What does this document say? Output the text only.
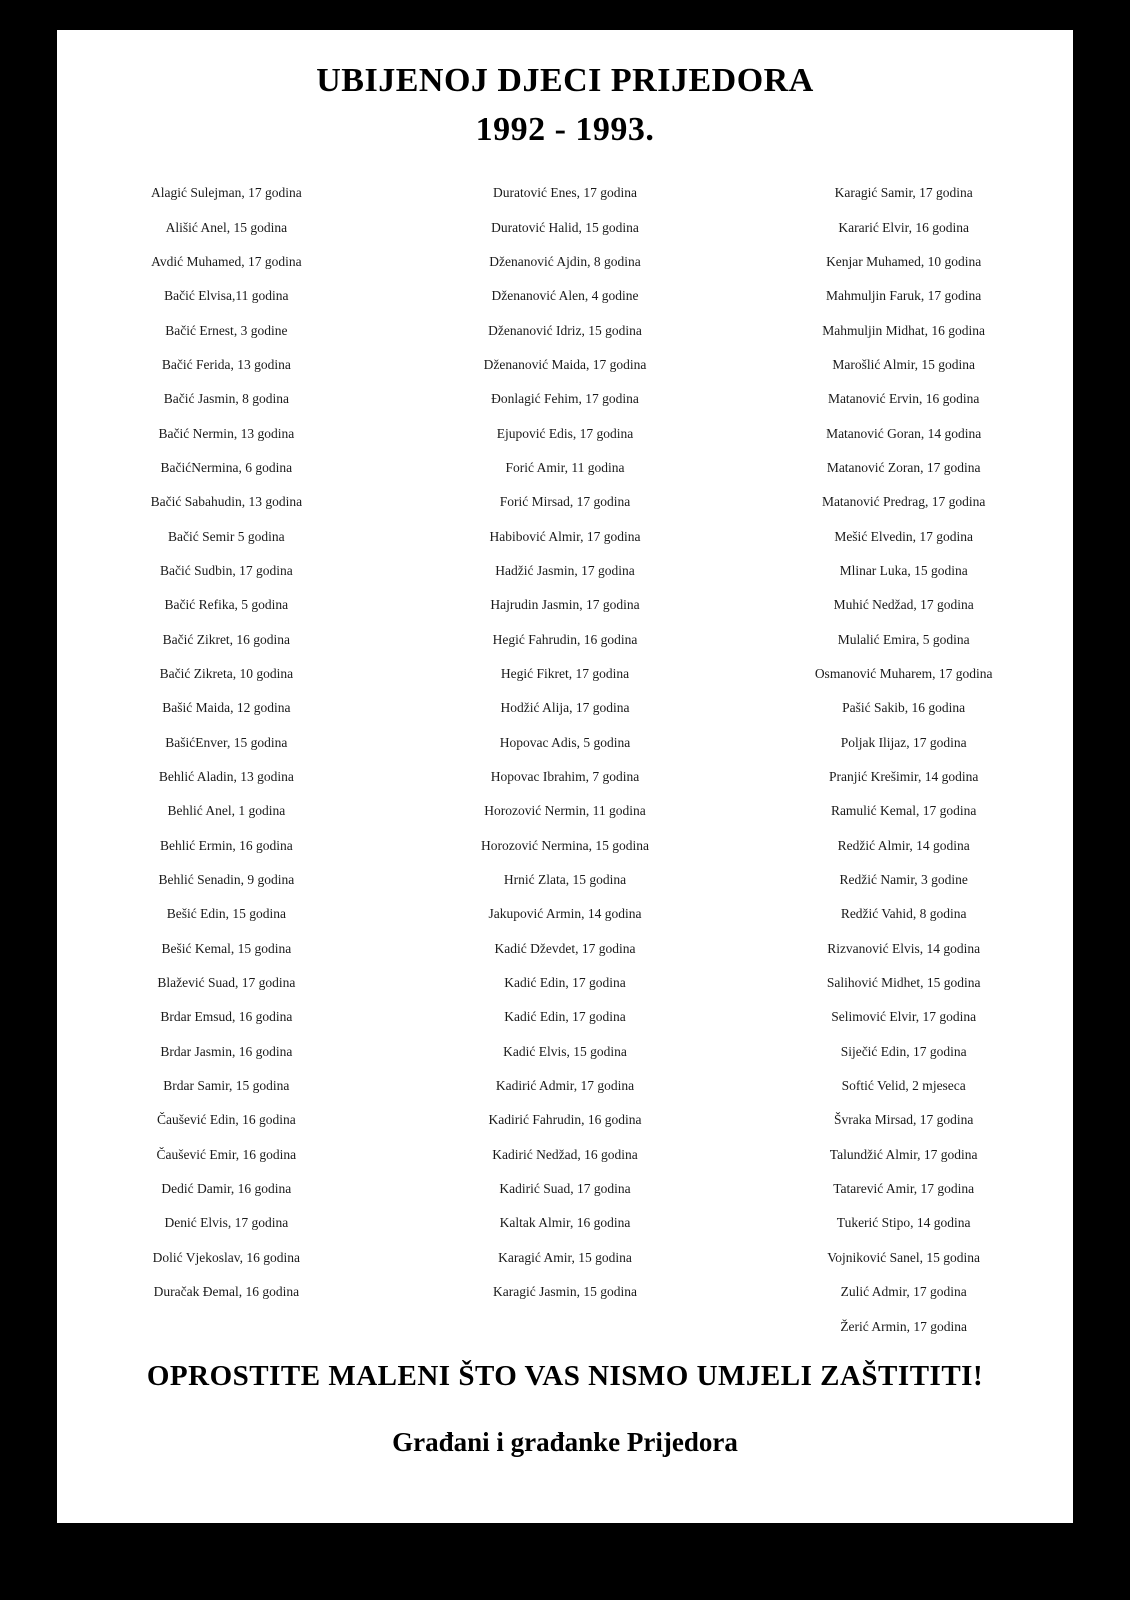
UBIJENOJ DJECI PRIJEDORA
1992 - 1993.
Alagić Sulejman, 17 godina
Ališić Anel, 15 godina
Avdić Muhamed, 17 godina
Bačić Elvisa,11 godina
Bačić Ernest, 3 godine
Bačić Ferida, 13 godina
Bačić Jasmin, 8 godina
Bačić Nermin, 13 godina
BačićNermina, 6 godina
Bačić Sabahudin, 13 godina
Bačić Semir 5 godina
Bačić Sudbin, 17 godina
Bačić Refika, 5 godina
Bačić Zikret, 16 godina
Bačić Zikreta, 10 godina
Bašić Maida, 12 godina
BašićEnver, 15 godina
Behlić Aladin, 13 godina
Behlić Anel, 1 godina
Behlić Ermin, 16 godina
Behlić Senadin, 9 godina
Bešić Edin, 15 godina
Bešić Kemal, 15 godina
Blažević Suad, 17 godina
Brdar Emsud, 16 godina
Brdar Jasmin, 16 godina
Brdar Samir, 15 godina
Čaušević Edin, 16 godina
Čaušević Emir, 16 godina
Dedić Damir, 16 godina
Denić Elvis, 17 godina
Dolić Vjekoslav, 16 godina
Duračak Đemal, 16 godina
Duratović Enes, 17 godina
Duratović Halid, 15 godina
Dženanović Ajdin, 8 godina
Dženanović Alen, 4 godine
Dženanović Idriz, 15 godina
Dženanović Maida, 17 godina
Đonlagić Fehim, 17 godina
Ejupović Edis, 17 godina
Forić Amir, 11 godina
Forić Mirsad, 17 godina
Habibović Almir, 17 godina
Hadžić Jasmin, 17 godina
Hajrudin Jasmin, 17 godina
Hegić Fahrudin, 16 godina
Hegić Fikret, 17 godina
Hodžić Alija, 17 godina
Hopovac Adis, 5 godina
Hopovac Ibrahim, 7 godina
Horozović Nermin, 11 godina
Horozović Nermina, 15 godina
Hrnić Zlata, 15 godina
Jakupović Armin, 14 godina
Kadić Dževdet, 17 godina
Kadić Edin, 17 godina
Kadić Edin, 17 godina
Kadić Elvis, 15 godina
Kadirić Admir, 17 godina
Kadirić Fahrudin, 16 godina
Kadirić Nedžad, 16 godina
Kadirić Suad, 17 godina
Kaltak Almir, 16 godina
Karagić Amir, 15 godina
Karagić Jasmin, 15 godina
Karagić Samir, 17 godina
Kararić Elvir, 16 godina
Kenjar Muhamed, 10 godina
Mahmuljin Faruk, 17 godina
Mahmuljin Midhat, 16 godina
Marošlić Almir, 15 godina
Matanović Ervin, 16 godina
Matanović Goran, 14 godina
Matanović Zoran, 17 godina
Matanović Predrag, 17 godina
Mešić Elvedin, 17 godina
Mlinar Luka, 15 godina
Muhić Nedžad, 17 godina
Mulalić Emira, 5 godina
Osmanović Muharem, 17 godina
Pašić Sakib, 16 godina
Poljak Ilijaz, 17 godina
Pranjić Krešimir, 14 godina
Ramulić Kemal, 17 godina
Redžić Almir, 14 godina
Redžić Namir, 3 godine
Redžić Vahid, 8 godina
Rizvanović Elvis, 14 godina
Salihović Midhet, 15 godina
Selimović Elvir, 17 godina
Siječić Edin, 17 godina
Softić Velid, 2 mjeseca
Švraka Mirsad, 17 godina
Talundžić Almir, 17 godina
Tatarević Amir, 17 godina
Tukerić Stipo, 14 godina
Vojniković Sanel, 15 godina
Zulić Admir, 17 godina
Žerić Armin, 17 godina
OPROSTITE MALENI ŠTO VAS NISMO UMJELI ZAŠTITITI!
Građani i građanke Prijedora
